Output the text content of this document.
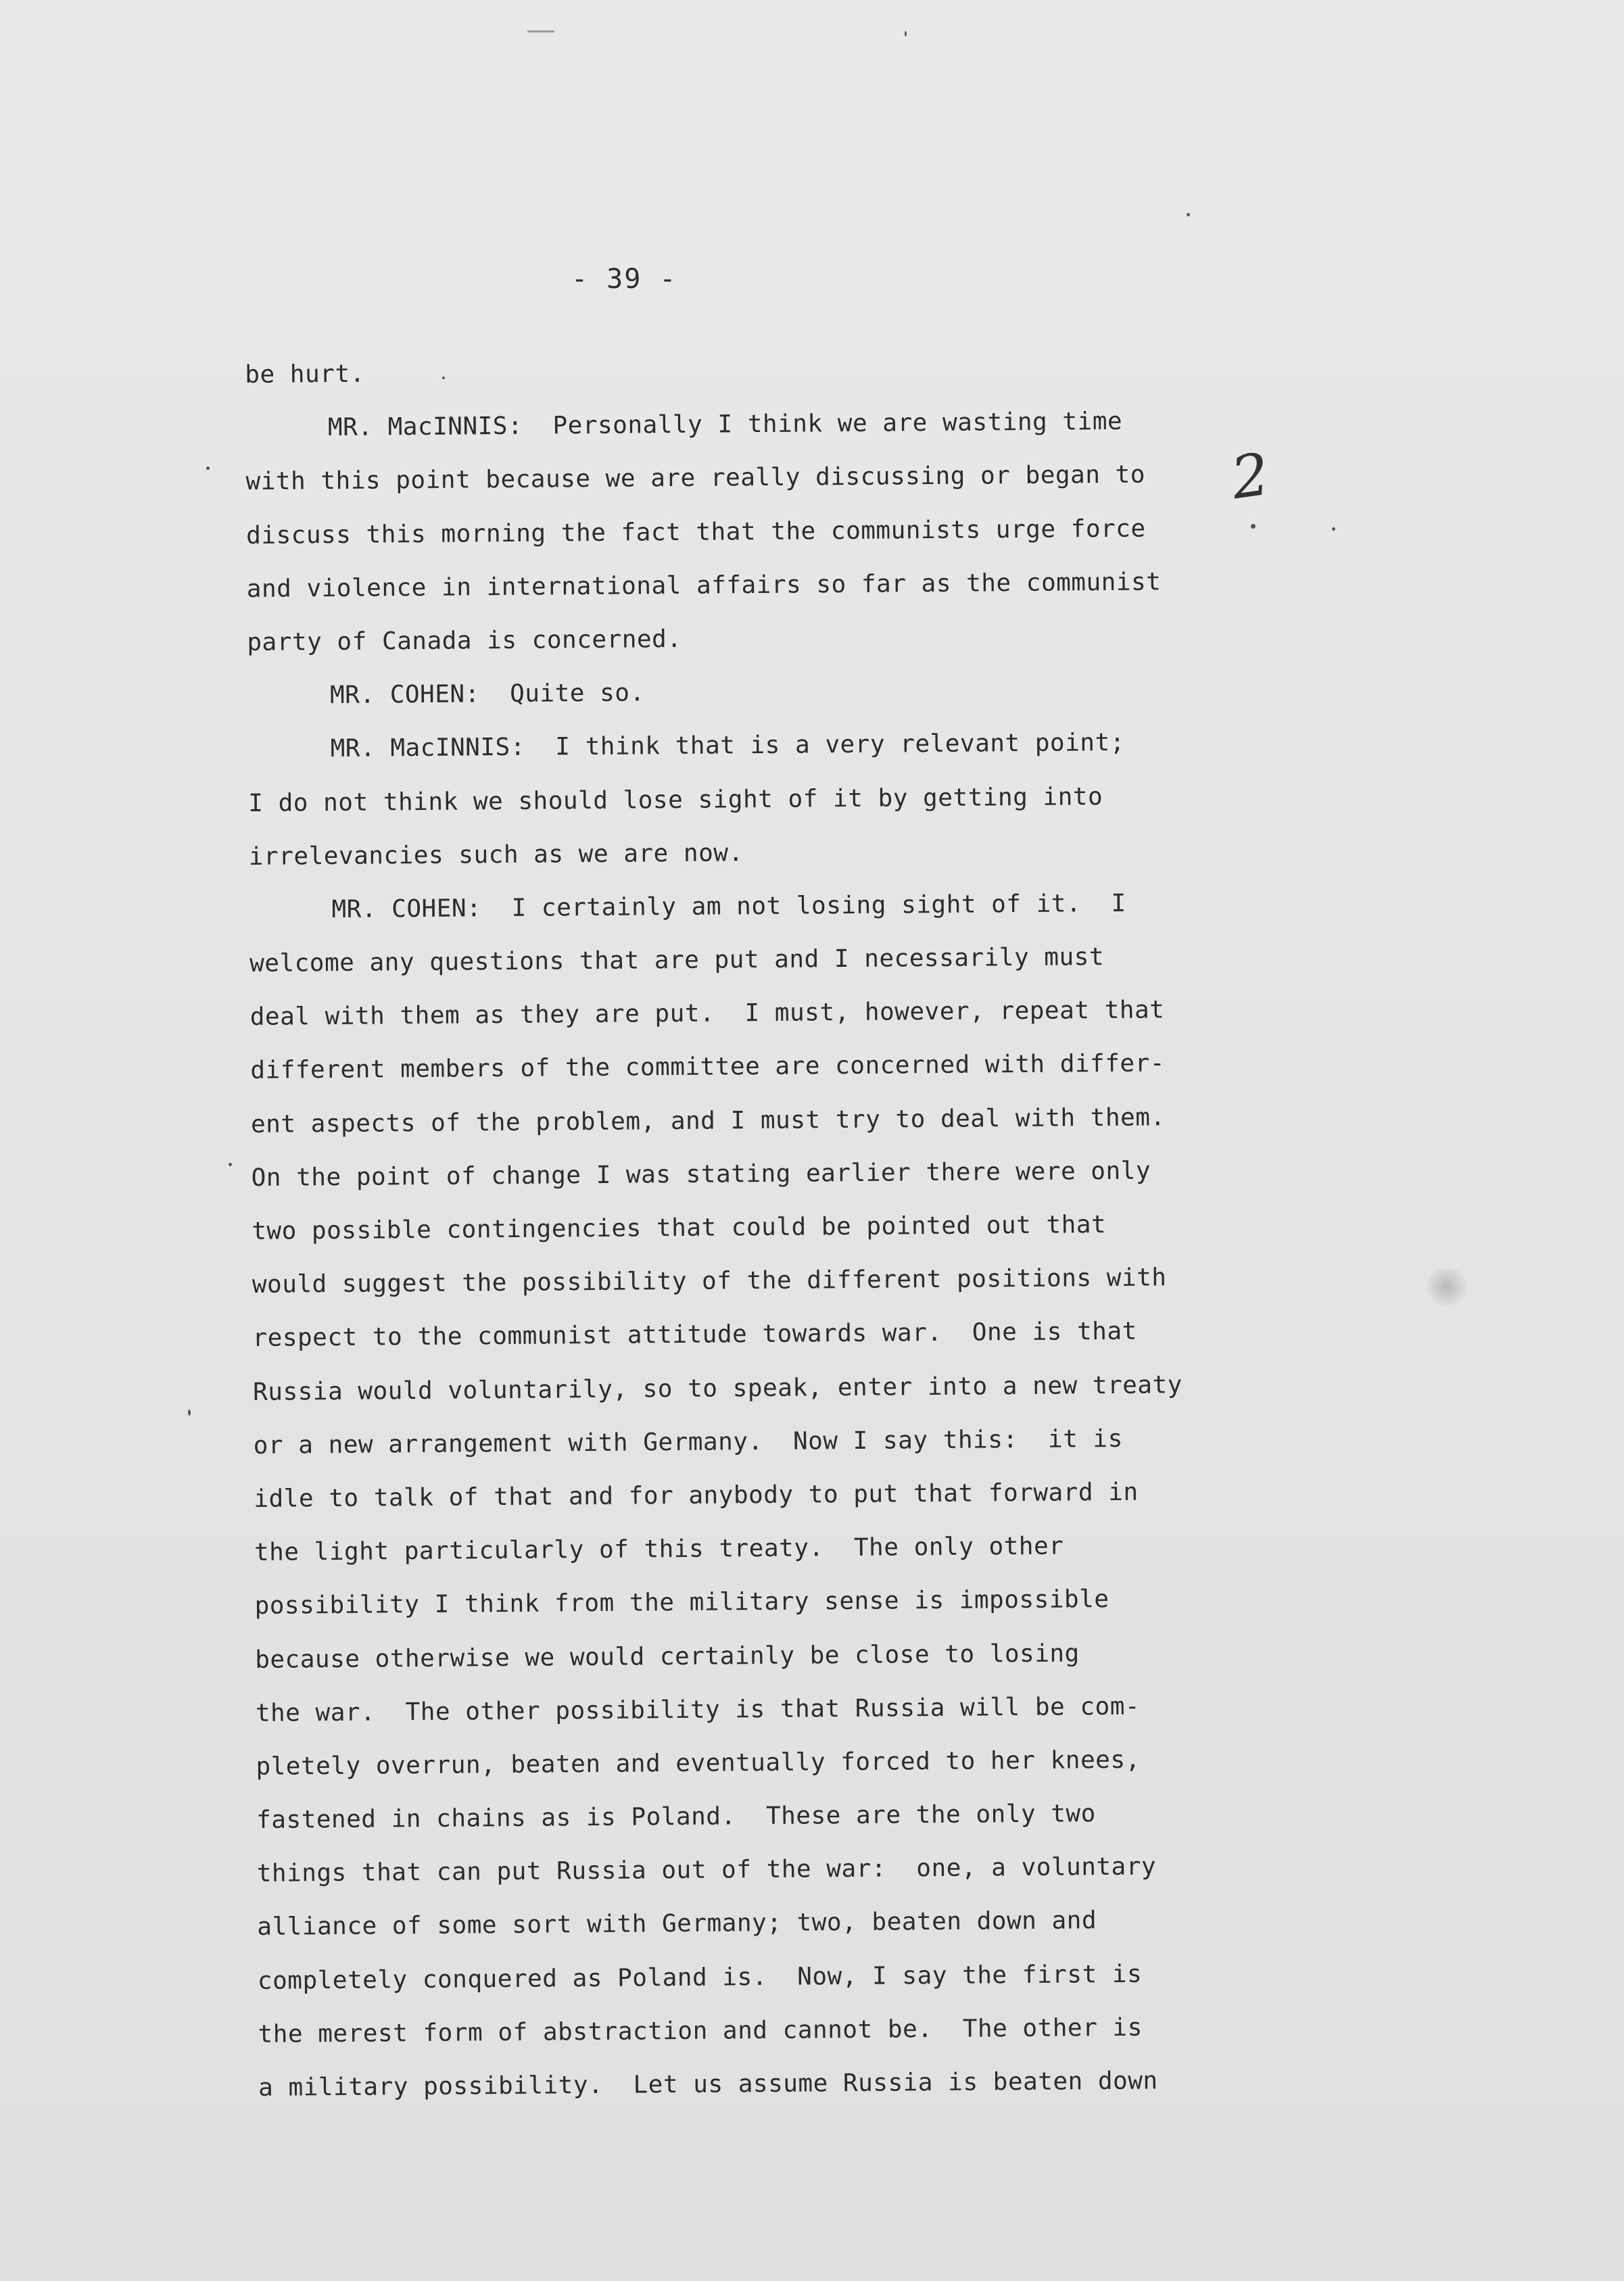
- 39 -
2
be hurt.
MR. MacINNIS:  Personally I think we are wasting time
with this point because we are really discussing or began to
discuss this morning the fact that the communists urge force
and violence in international affairs so far as the communist
party of Canada is concerned.
MR. COHEN:  Quite so.
MR. MacINNIS:  I think that is a very relevant point;
I do not think we should lose sight of it by getting into
irrelevancies such as we are now.
MR. COHEN:  I certainly am not losing sight of it.  I
welcome any questions that are put and I necessarily must
deal with them as they are put.  I must, however, repeat that
different members of the committee are concerned with differ-
ent aspects of the problem, and I must try to deal with them.
On the point of change I was stating earlier there were only
two possible contingencies that could be pointed out that
would suggest the possibility of the different positions with
respect to the communist attitude towards war.  One is that
Russia would voluntarily, so to speak, enter into a new treaty
or a new arrangement with Germany.  Now I say this:  it is
idle to talk of that and for anybody to put that forward in
the light particularly of this treaty.  The only other
possibility I think from the military sense is impossible
because otherwise we would certainly be close to losing
the war.  The other possibility is that Russia will be com-
pletely overrun, beaten and eventually forced to her knees,
fastened in chains as is Poland.  These are the only two
things that can put Russia out of the war:  one, a voluntary
alliance of some sort with Germany; two, beaten down and
completely conquered as Poland is.  Now, I say the first is
the merest form of abstraction and cannot be.  The other is
a military possibility.  Let us assume Russia is beaten down
